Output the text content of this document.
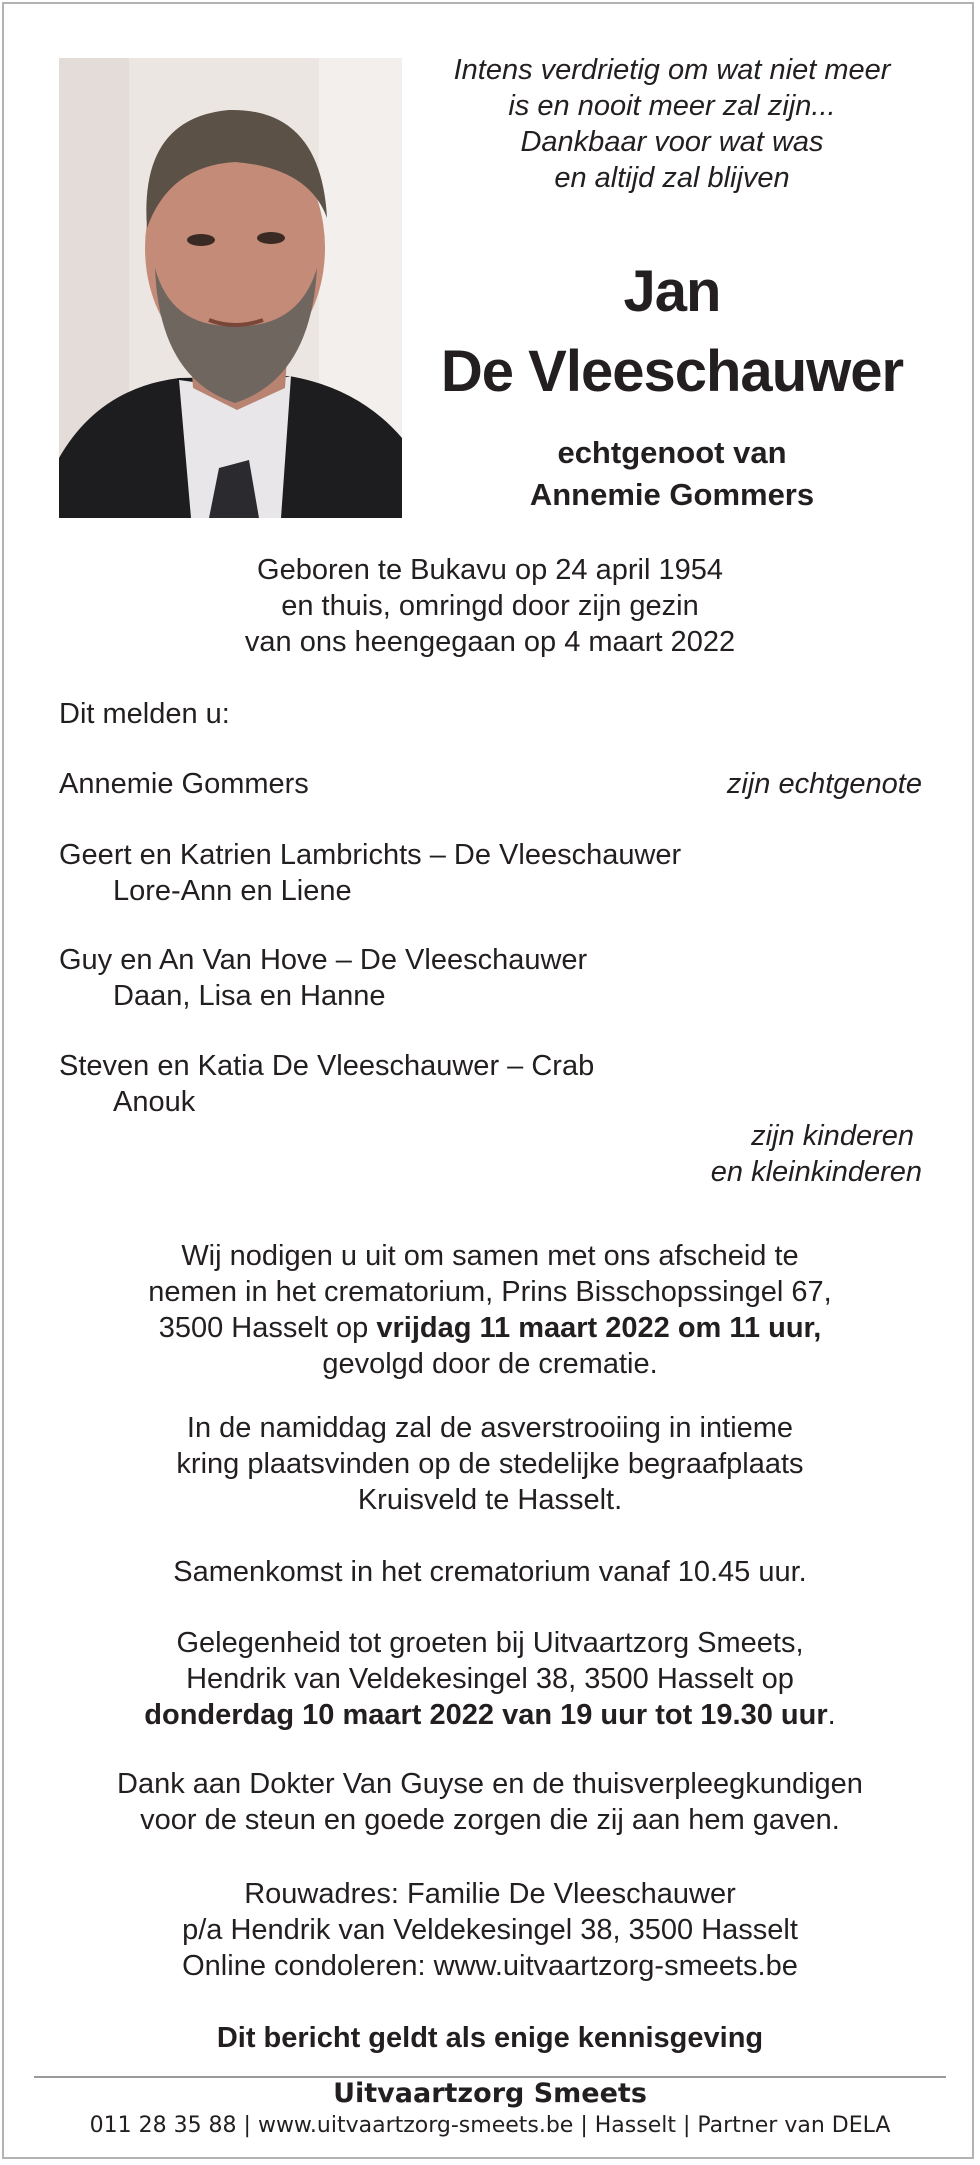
Intens verdrietig om wat niet meer
is en nooit meer zal zijn...
Dankbaar voor wat was
en altijd zal blijven
Jan
De Vleeschauwer
echtgenoot van
Annemie Gommers
Geboren te Bukavu op 24 april 1954
en thuis, omringd door zijn gezin
van ons heengegaan op 4 maart 2022
Dit melden u:
Annemie Gommers	zijn echtgenote
Geert en Katrien Lambrichts – De Vleeschauwer
Lore-Ann en Liene
Guy en An Van Hove – De Vleeschauwer
Daan, Lisa en Hanne
Steven en Katia De Vleeschauwer – Crab
Anouk
zijn kinderen
en kleinkinderen
Wij nodigen u uit om samen met ons afscheid te
nemen in het crematorium, Prins Bisschopssingel 67,
3500 Hasselt op vrijdag 11 maart 2022 om 11 uur,
gevolgd door de crematie.
In de namiddag zal de asverstrooiing in intieme
kring plaatsvinden op de stedelijke begraafplaats
Kruisveld te Hasselt.
Samenkomst in het crematorium vanaf 10.45 uur.
Gelegenheid tot groeten bij Uitvaartzorg Smeets,
Hendrik van Veldekesingel 38, 3500 Hasselt op
donderdag 10 maart 2022 van 19 uur tot 19.30 uur.
Dank aan Dokter Van Guyse en de thuisverpleegkundigen
voor de steun en goede zorgen die zij aan hem gaven.
Rouwadres: Familie De Vleeschauwer
p/a Hendrik van Veldekesingel 38, 3500 Hasselt
Online condoleren: www.uitvaartzorg-smeets.be
Dit bericht geldt als enige kennisgeving
Uitvaartzorg Smeets
011 28 35 88 | www.uitvaartzorg-smeets.be | Hasselt | Partner van DELA
